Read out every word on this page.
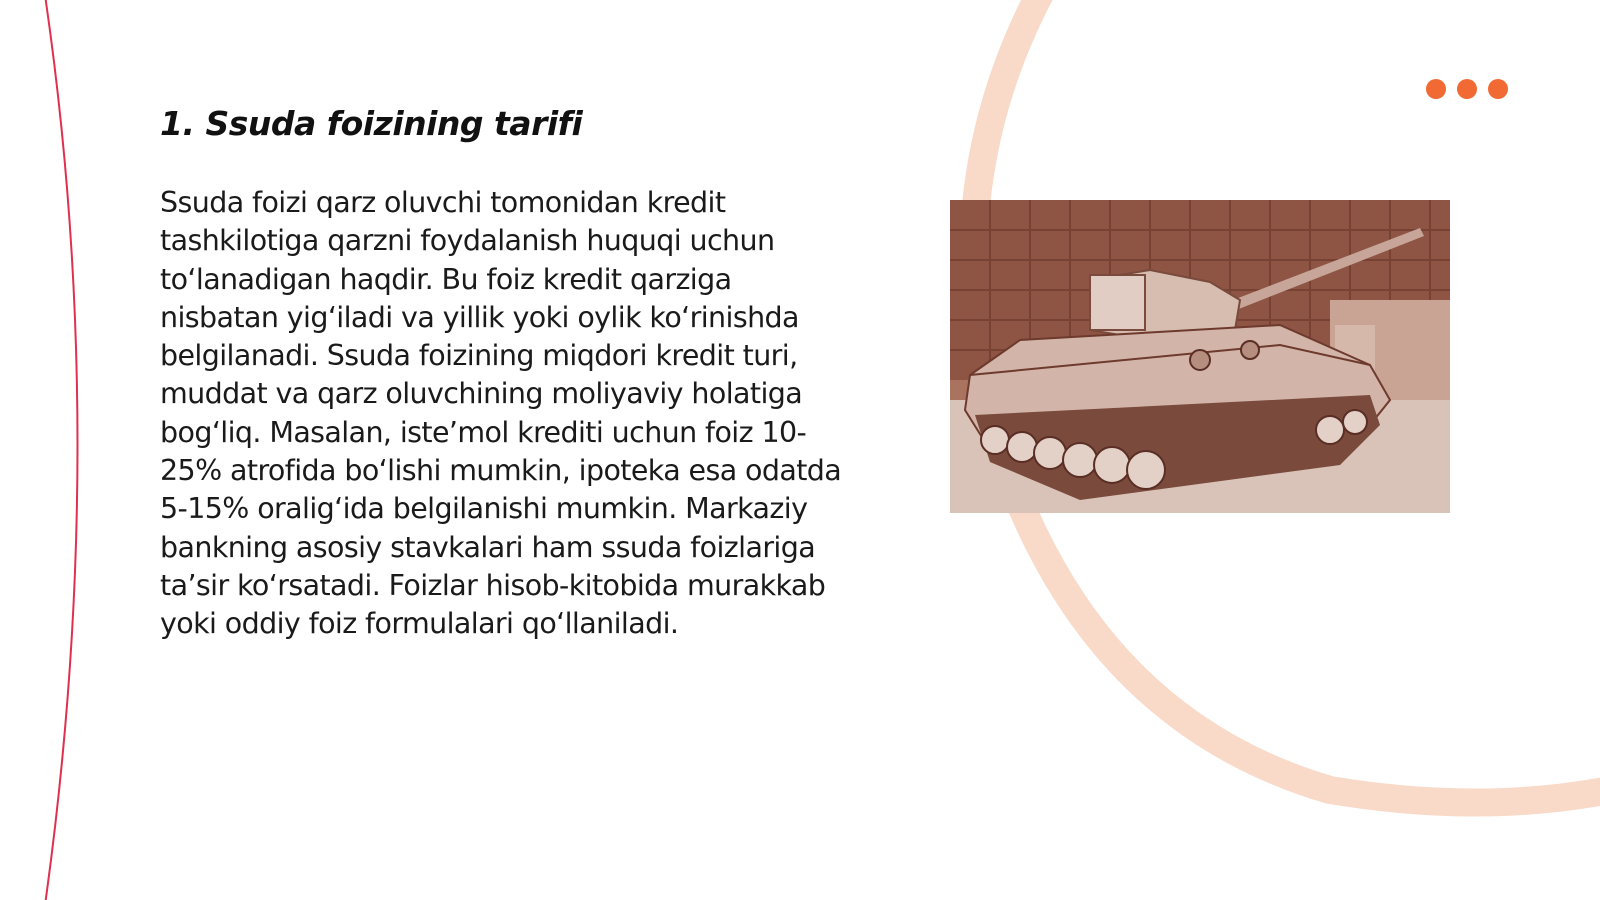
1. Ssuda foizining tarifi

Ssuda foizi qarz oluvchi tomonidan kredit tashkilotiga qarzni foydalanish huquqi uchun to‘lanadigan haqdir. Bu foiz kredit qarziga nisbatan yig‘iladi va yillik yoki oylik ko‘rinishda belgilanadi. Ssuda foizining miqdori kredit turi, muddat va qarz oluvchining moliyaviy holatiga bog‘liq. Masalan, iste’mol krediti uchun foiz 10-25% atrofida bo‘lishi mumkin, ipoteka esa odatda 5-15% oralig‘ida belgilanishi mumkin. Markaziy bankning asosiy stavkalari ham ssuda foizlariga ta’sir ko‘rsatadi. Foizlar hisob-kitobida murakkab yoki oddiy foiz formulalari qo‘llaniladi.
